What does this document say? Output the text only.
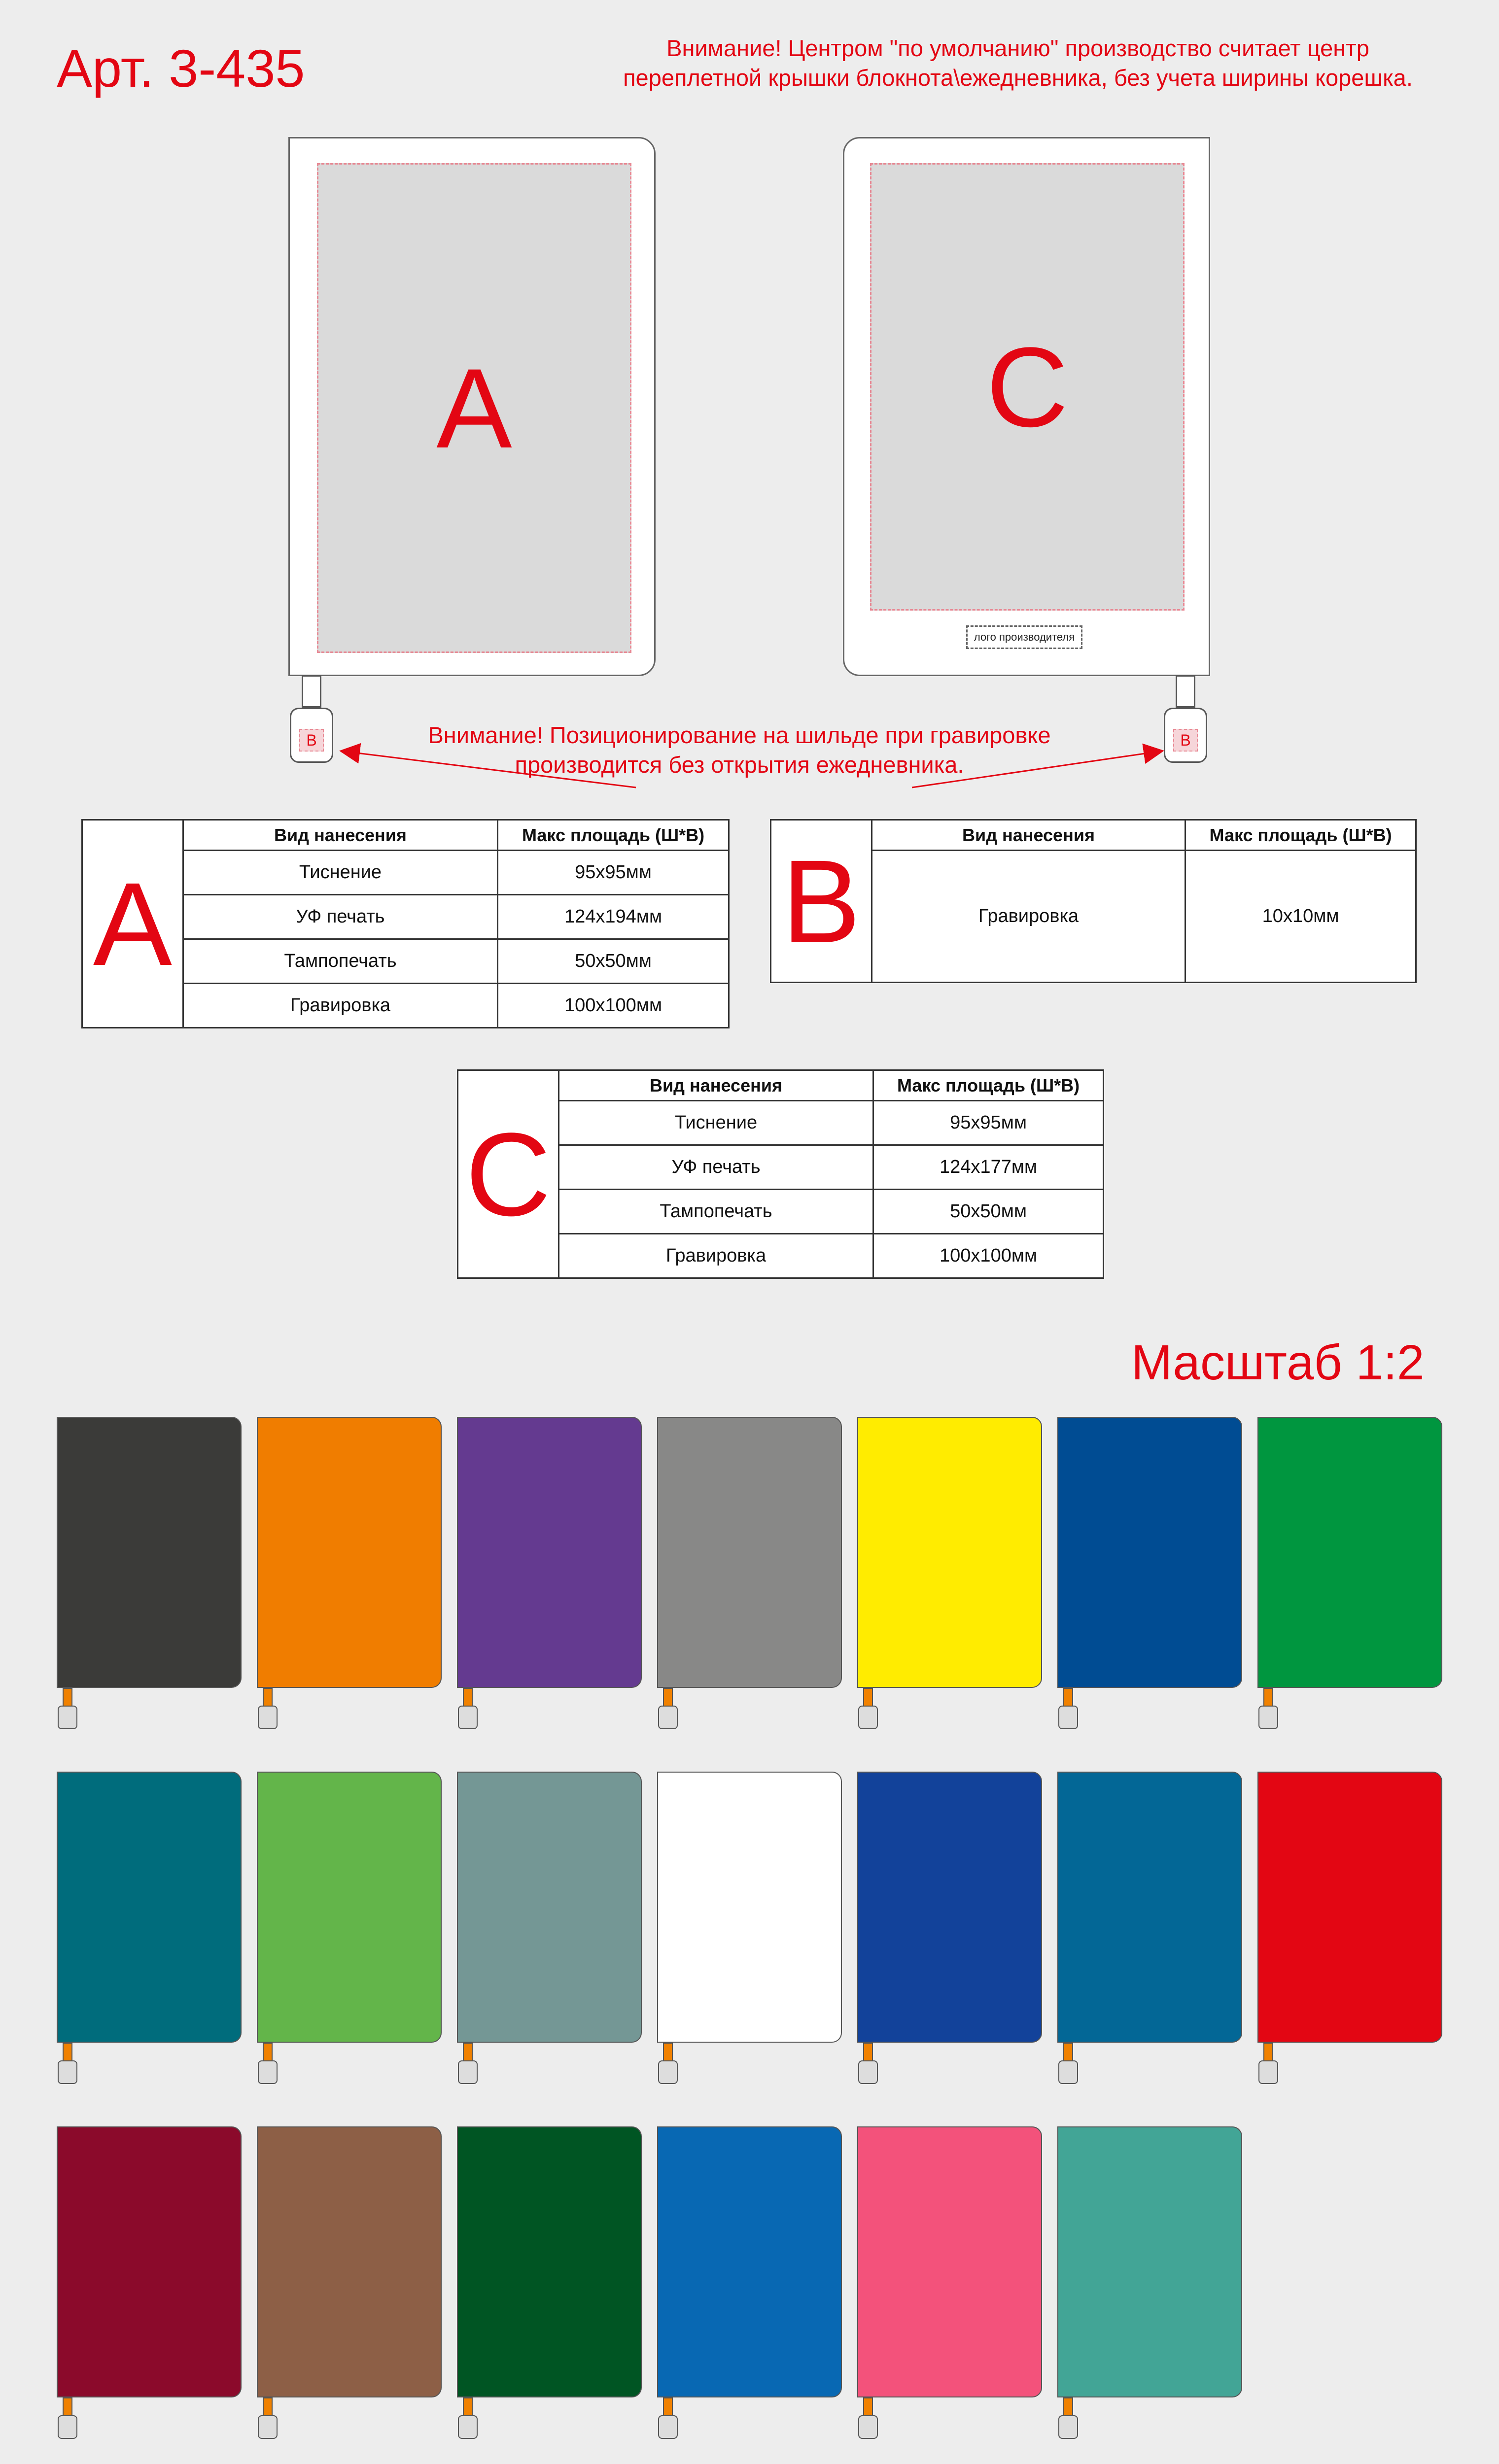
Арт. 3-435	Внимание! Центром "по умолчанию" производство считает центр
переплетной крышки блокнота\ежедневника, без учета ширины корешка.
A
B
C
лого производителя
B
Внимание! Позиционирование на шильде при гравировке
производится без открытия ежедневника.
A	Вид нанесения	Макс площадь (Ш*В)
	Тиснение	95x95мм
	УФ печать	124x194мм
	Тампопечать	50x50мм
	Гравировка	100x100мм
B	Вид нанесения	Макс площадь (Ш*В)
	Гравировка	10x10мм
C	Вид нанесения	Макс площадь (Ш*В)
	Тиснение	95x95мм
	УФ печать	124x177мм
	Тампопечать	50x50мм
	Гравировка	100x100мм
Масштаб 1:2
